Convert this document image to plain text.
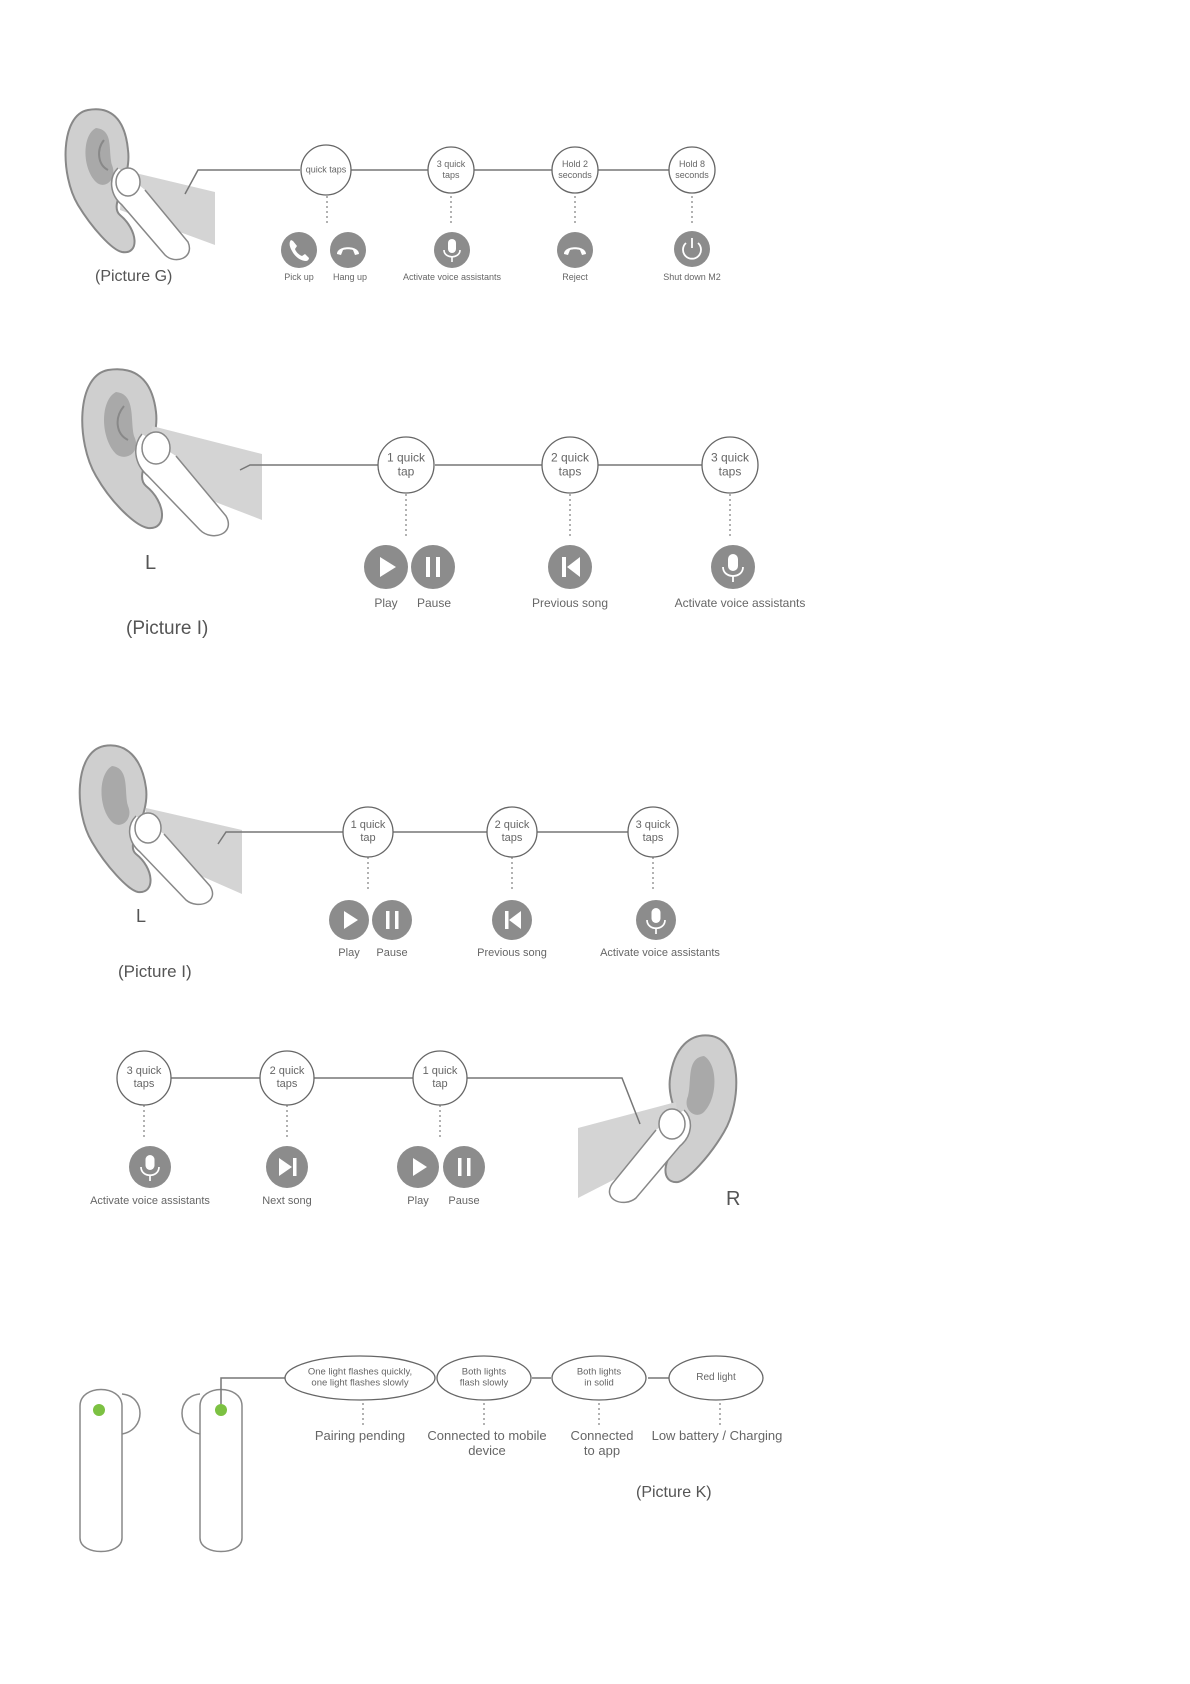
(Picture G)
quick taps
3 quick
taps
Hold 2
seconds
Hold 8
seconds
Pick up Hang up	Activate voice assistants	Reject	Shut down M2
L
(Picture I)
1 quick
tap
2 quick
taps
3 quick
taps
Play Pause	Previous song	Activate voice assistants
L
(Picture I)
1 quick
tap
2 quick
taps
3 quick
taps
Play Pause	Previous song	Activate voice assistants
R
3 quick
taps
2 quick
taps
1 quick
tap
Activate voice assistants	Next song	Play Pause
One light flashes quickly,
one light flashes slowly
Both lights
flash slowly
Both lights
in solid
Red light
Pairing pending Connected to mobile
device
Connected
to app
Low battery / Charging
(Picture K)
